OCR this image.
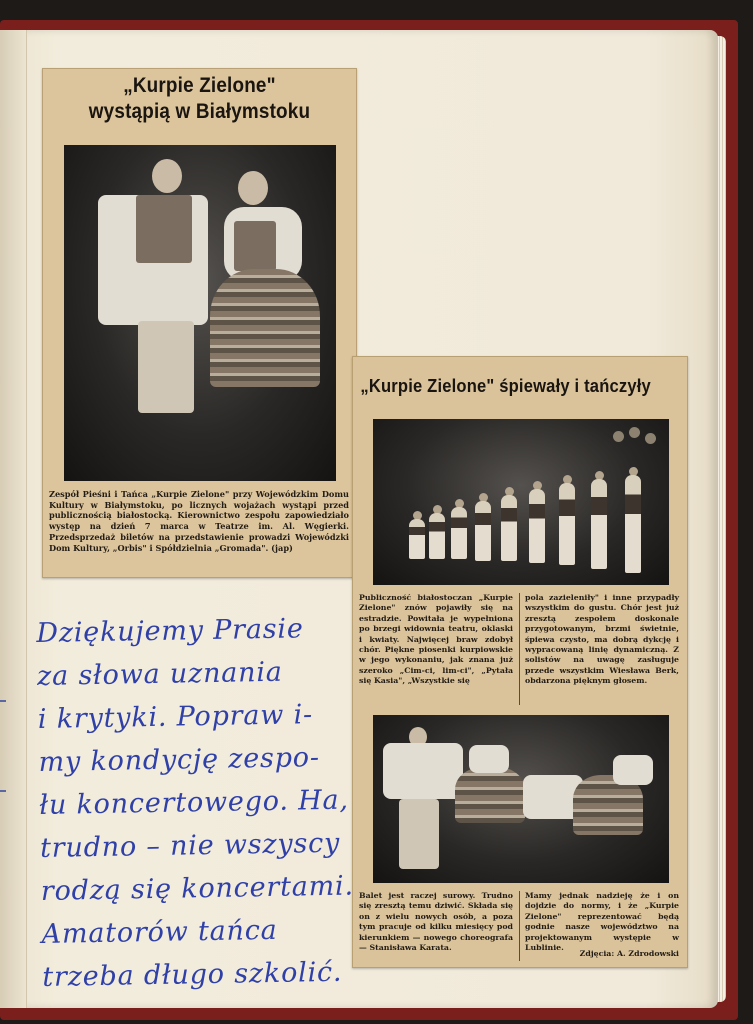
„Kurpie Zielone"
wystąpią w Białymstoku
Zespół Pieśni i Tańca „Kurpie Zielone" przy Wojewódzkim Domu Kultury w Białymstoku, po licznych wojażach wystąpi przed publicznością białostocką. Kierownictwo zespołu zapowiedziało występ na dzień 7 marca w Teatrze im. Al. Węgierki. Przedsprzedaż biletów na przedstawienie prowadzi Wojewódzki Dom Kultury, „Orbis" i Spółdzielnia „Gromada". (jap)
„Kurpie Zielone" śpiewały i tańczyły
Publiczność białostoczan „Kurpie Zielone" znów pojawiły się na estradzie. Powitała je wypełniona po brzegi widownia teatru, oklaski i kwiaty. Najwięcej braw zdobył chór. Piękne piosenki kurpiowskie w jego wykonaniu, jak znana już szeroko „Cim-ci, lim-ci", „Pytała się Kasia", „Wszystkie się
pola zazieleniły" i inne przypadły wszystkim do gustu. Chór jest już zresztą zespołem doskonale przygotowanym, brzmi świetnie, śpiewa czysto, ma dobrą dykcję i wypracowaną linię dynamiczną. Z solistów na uwagę zasługuje przede wszystkim Wiesława Berk, obdarzona pięknym głosem.
Balet jest raczej surowy. Trudno się zresztą temu dziwić. Składa się on z wielu nowych osób, a poza tym pracuje od kilku miesięcy pod kierunkiem — nowego choreografa — Stanisława Karata.
Mamy jednak nadzieję że i on dojdzie do normy, i że „Kurpie Zielone" reprezentować będą godnie nasze województwo na projektowanym występie w Lublinie.
Zdjęcia: A. Zdrodowski
Dziękujemy Prasie
za słowa uznania
i krytyki. Popraw i-
my kondycję zespo-
łu koncertowego. Ha,
trudno – nie wszyscy
rodzą się koncertami.
Amatorów tańca
trzeba długo szkolić.
